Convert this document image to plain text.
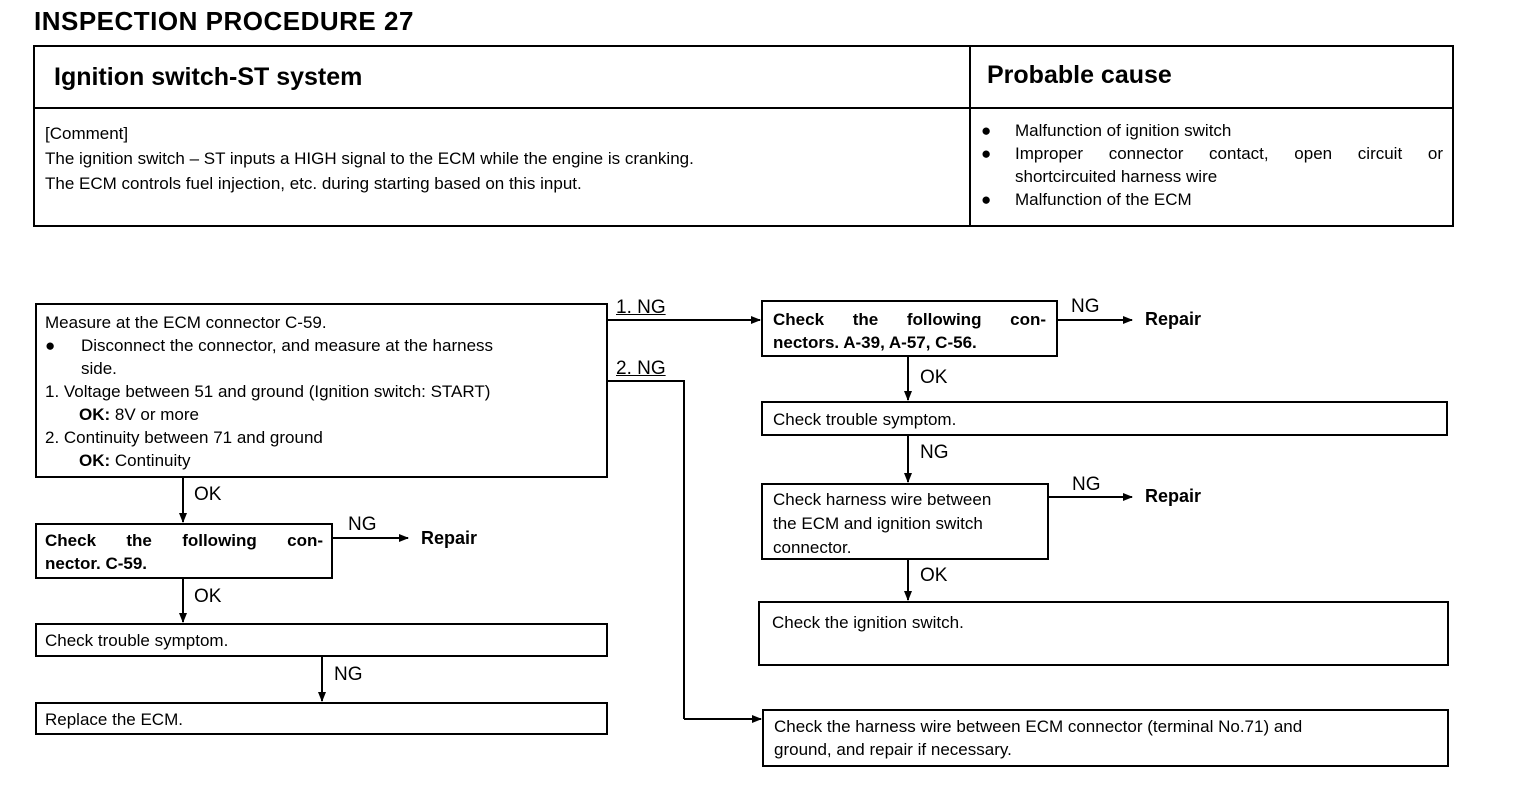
INSPECTION PROCEDURE 27
Ignition switch-ST system	Probable cause
[Comment]
The ignition switch – ST inputs a HIGH signal to the ECM while the engine is cranking.
The ECM controls fuel injection, etc. during starting based on this input.
● Malfunction of ignition switch
● Improper connector contact, open circuit or
shortcircuited harness wire
● Malfunction of the ECM
Measure at the ECM connector C-59.
● Disconnect the connector, and measure at the harness
side.
1. Voltage between 51 and ground (Ignition switch: START)
OK: 8V or more
2. Continuity between 71 and ground
OK: Continuity
Check the following con-
nector. C-59.
Check trouble symptom.
Replace the ECM.
Check the following con-
nectors. A-39, A-57, C-56.
Check trouble symptom.
Check harness wire between
the ECM and ignition switch
connector.
Check the ignition switch.
Check the harness wire between ECM connector (terminal No.71) and
ground, and repair if necessary.
1. NG
2. NG
OK
NG
Repair
OK
NG
NG
Repair
OK
NG
NG
Repair
OK
